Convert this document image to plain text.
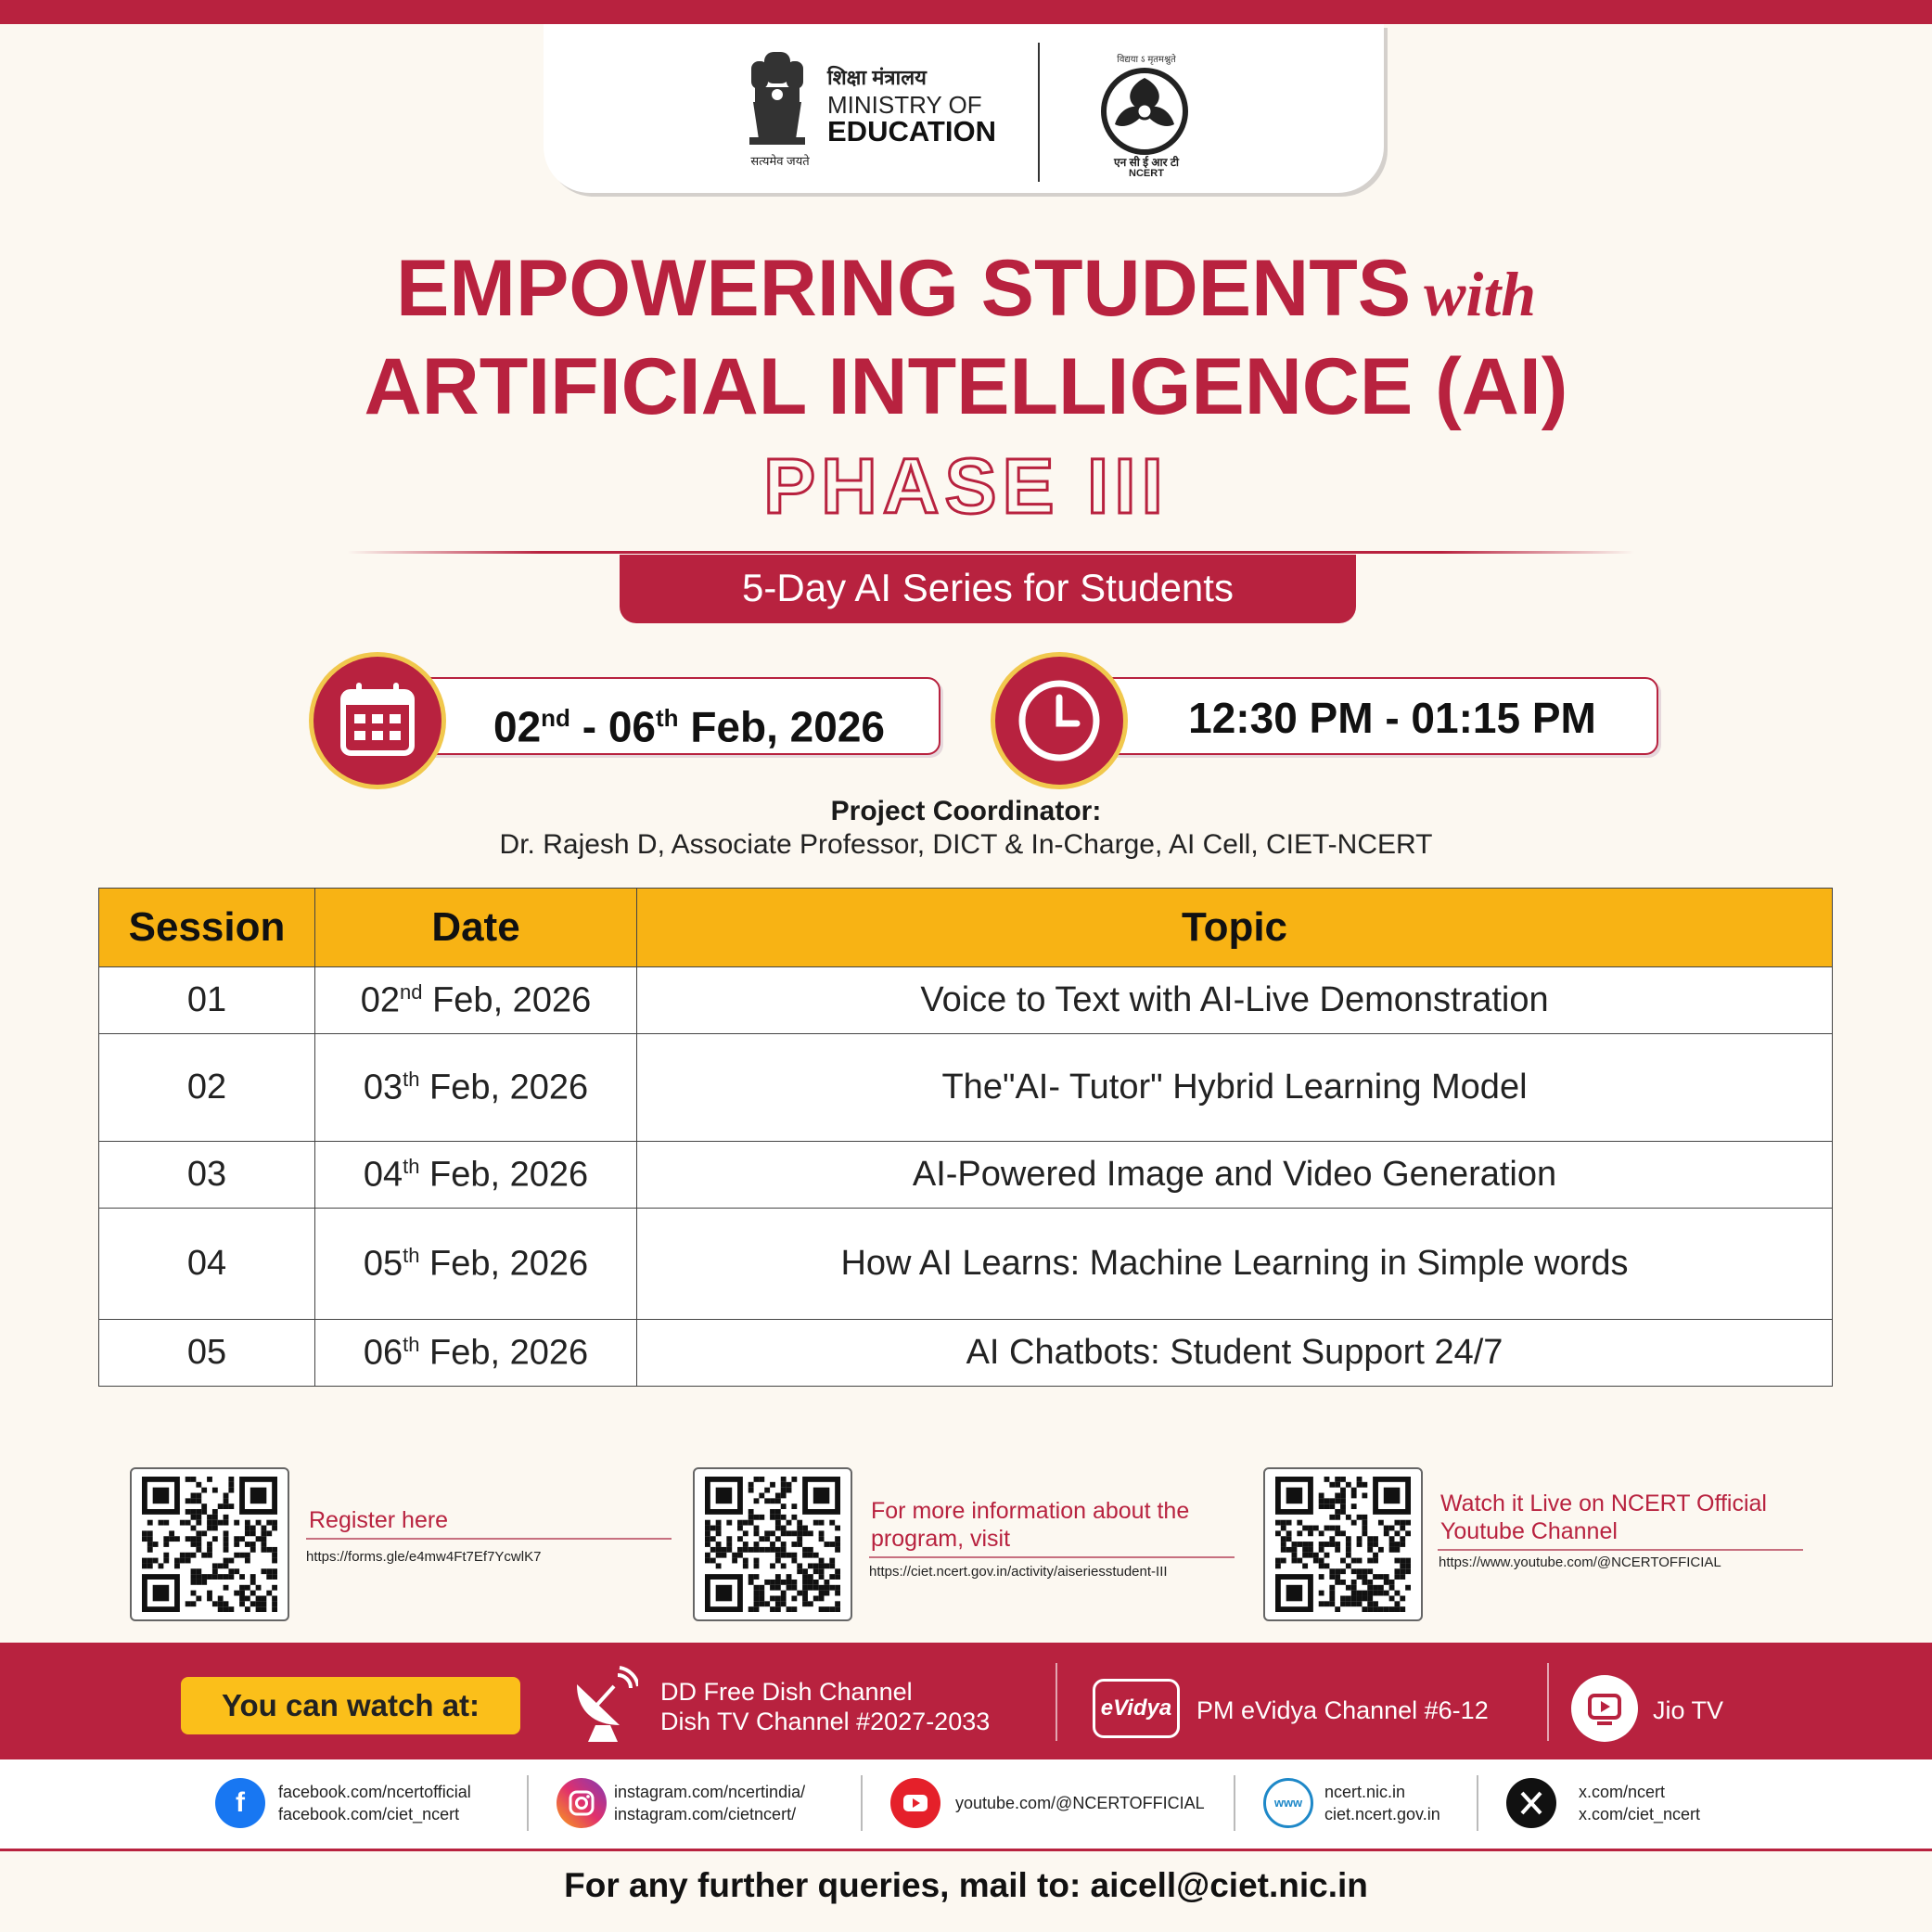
सत्यमेव जयते
शिक्षा मंत्रालय
MINISTRY OF
EDUCATION
विद्यया ऽ मृतमश्नुते
एन सी ई आर टी
NCERT
EMPOWERING STUDENTS with
ARTIFICIAL INTELLIGENCE (AI)
PHASE III
5-Day AI Series for Students
02nd - 06th Feb, 2026	12:30 PM - 01:15 PM
Project Coordinator:
Dr. Rajesh D, Associate Professor, DICT & In-Charge, AI Cell, CIET-NCERT
Session	Date	Topic
01	02nd Feb, 2026	Voice to Text with AI-Live Demonstration
02	03th Feb, 2026	The"AI- Tutor" Hybrid Learning Model
03	04th Feb, 2026	AI-Powered Image and Video Generation
04	05th Feb, 2026	How AI Learns: Machine Learning in Simple words
05	06th Feb, 2026	AI Chatbots: Student Support 24/7
Register here
https://forms.gle/e4mw4Ft7Ef7YcwlK7
For more information about the program, visit
https://ciet.ncert.gov.in/activity/aiseriesstudent-III
Watch it Live on NCERT Official Youtube Channel
https://www.youtube.com/@NCERTOFFICIAL
You can watch at:	DD Free Dish Channel
Dish TV Channel #2027-2033	eVidya PM eVidya Channel #6-12	Jio TV
f	facebook.com/ncertofficial
facebook.com/ciet_ncert
instagram.com/ncertindia/
instagram.com/cietncert/
youtube.com/@NCERTOFFICIAL	www
ncert.nic.in
ciet.ncert.gov.in
x.com/ncert
x.com/ciet_ncert
For any further queries, mail to: aicell@ciet.nic.in
